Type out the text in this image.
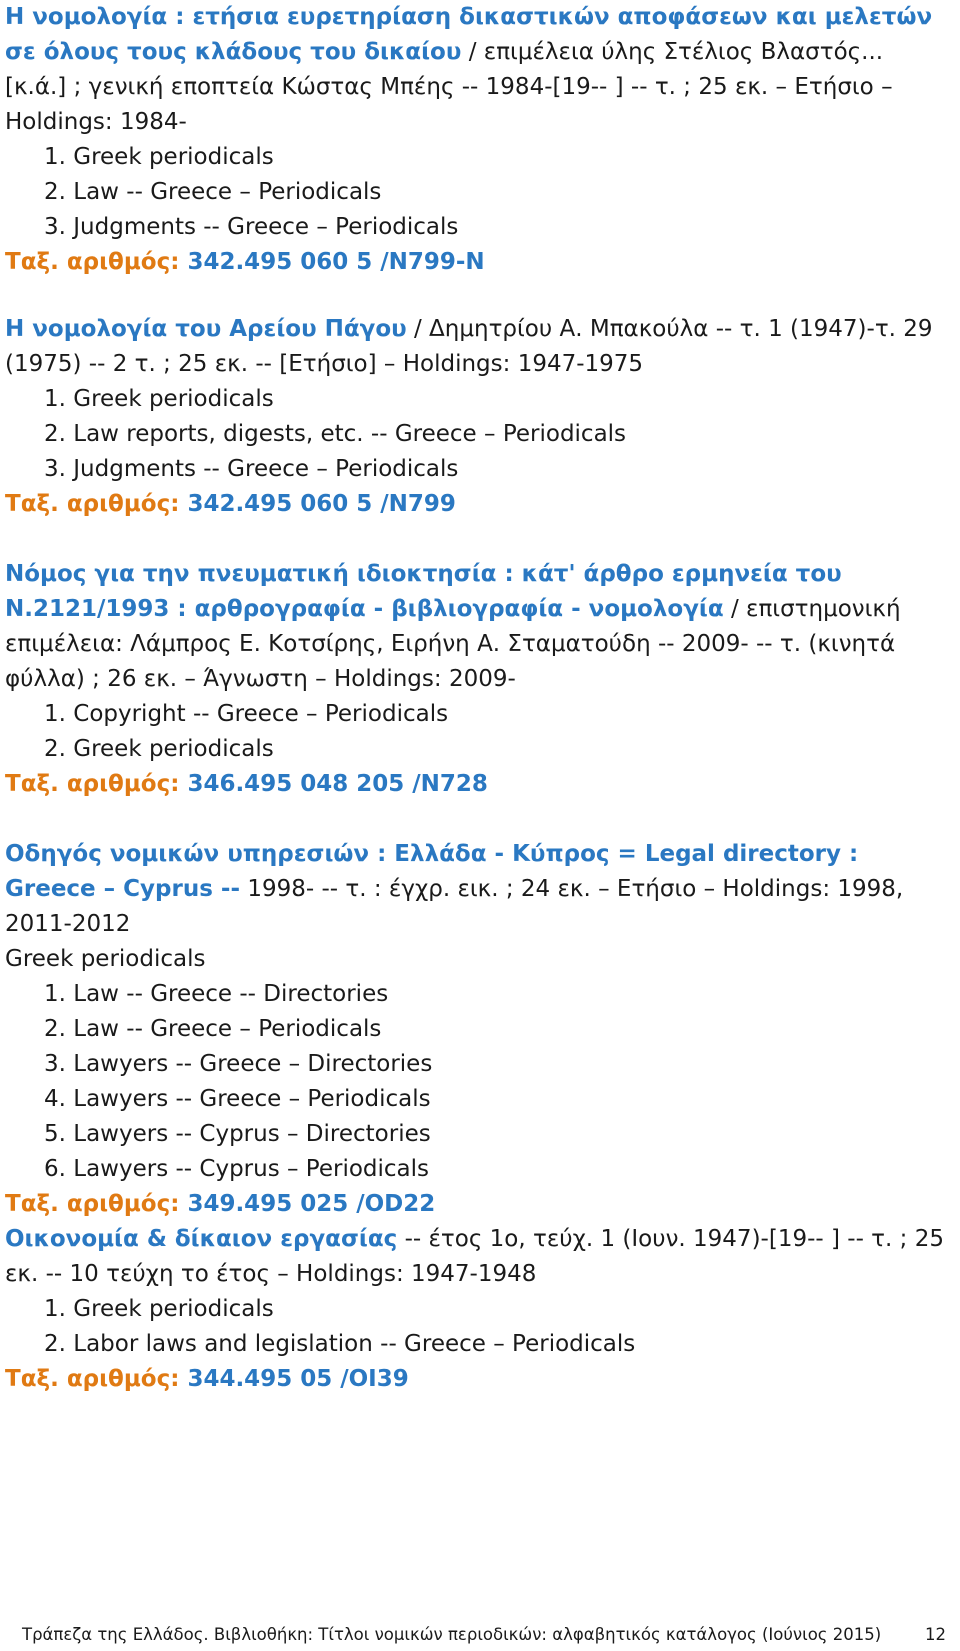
Η νομολογία : ετήσια ευρετηρίαση δικαστικών αποφάσεων και μελετών σε όλους τους κλάδους του δικαίου / επιμέλεια ύλης Στέλιος Βλαστός... [κ.ά.] ; γενική εποπτεία Κώστας Μπέης -- 1984-[19-- ] -- τ. ; 25 εκ. – Ετήσιο – Holdings: 1984-
1. Greek periodicals
2. Law -- Greece – Periodicals
3. Judgments -- Greece – Periodicals
Ταξ. αριθμός: 342.495 060 5 /N799-N
Η νομολογία του Αρείου Πάγου / Δημητρίου Α. Μπακούλα -- τ. 1 (1947)-τ. 29 (1975) -- 2 τ. ; 25 εκ. -- [Ετήσιο] – Holdings: 1947-1975
1. Greek periodicals
2. Law reports, digests, etc. -- Greece – Periodicals
3. Judgments -- Greece – Periodicals
Ταξ. αριθμός: 342.495 060 5 /N799
Νόμος για την πνευματική ιδιοκτησία : κάτ' άρθρο ερμηνεία του Ν.2121/1993 : αρθρογραφία - βιβλιογραφία - νομολογία / επιστημονική επιμέλεια: Λάμπρος Ε. Κοτσίρης, Ειρήνη Α. Σταματούδη -- 2009- -- τ. (κινητά φύλλα) ; 26 εκ. – Άγνωστη – Holdings: 2009-
1. Copyright -- Greece – Periodicals
2. Greek periodicals
Ταξ. αριθμός: 346.495 048 205 /N728
Οδηγός νομικών υπηρεσιών : Ελλάδα - Κύπρος = Legal directory : Greece – Cyprus -- 1998- -- τ. : έγχρ. εικ. ; 24 εκ. – Ετήσιο – Holdings: 1998, 2011-2012
Greek periodicals
1. Law -- Greece -- Directories
2. Law -- Greece – Periodicals
3. Lawyers -- Greece – Directories
4. Lawyers -- Greece – Periodicals
5. Lawyers -- Cyprus – Directories
6. Lawyers -- Cyprus – Periodicals
Ταξ. αριθμός: 349.495 025 /OD22
Οικονομία & δίκαιον εργασίας -- έτος 1ο, τεύχ. 1 (Ιουν. 1947)-[19-- ] -- τ. ; 25 εκ. -- 10 τεύχη το έτος – Holdings: 1947-1948
1. Greek periodicals
2. Labor laws and legislation -- Greece – Periodicals
Ταξ. αριθμός: 344.495 05 /OI39
Τράπεζα της Ελλάδος. Βιβλιοθήκη: Τίτλοι νομικών περιοδικών: αλφαβητικός κατάλογος (Ιούνιος 2015)	12
